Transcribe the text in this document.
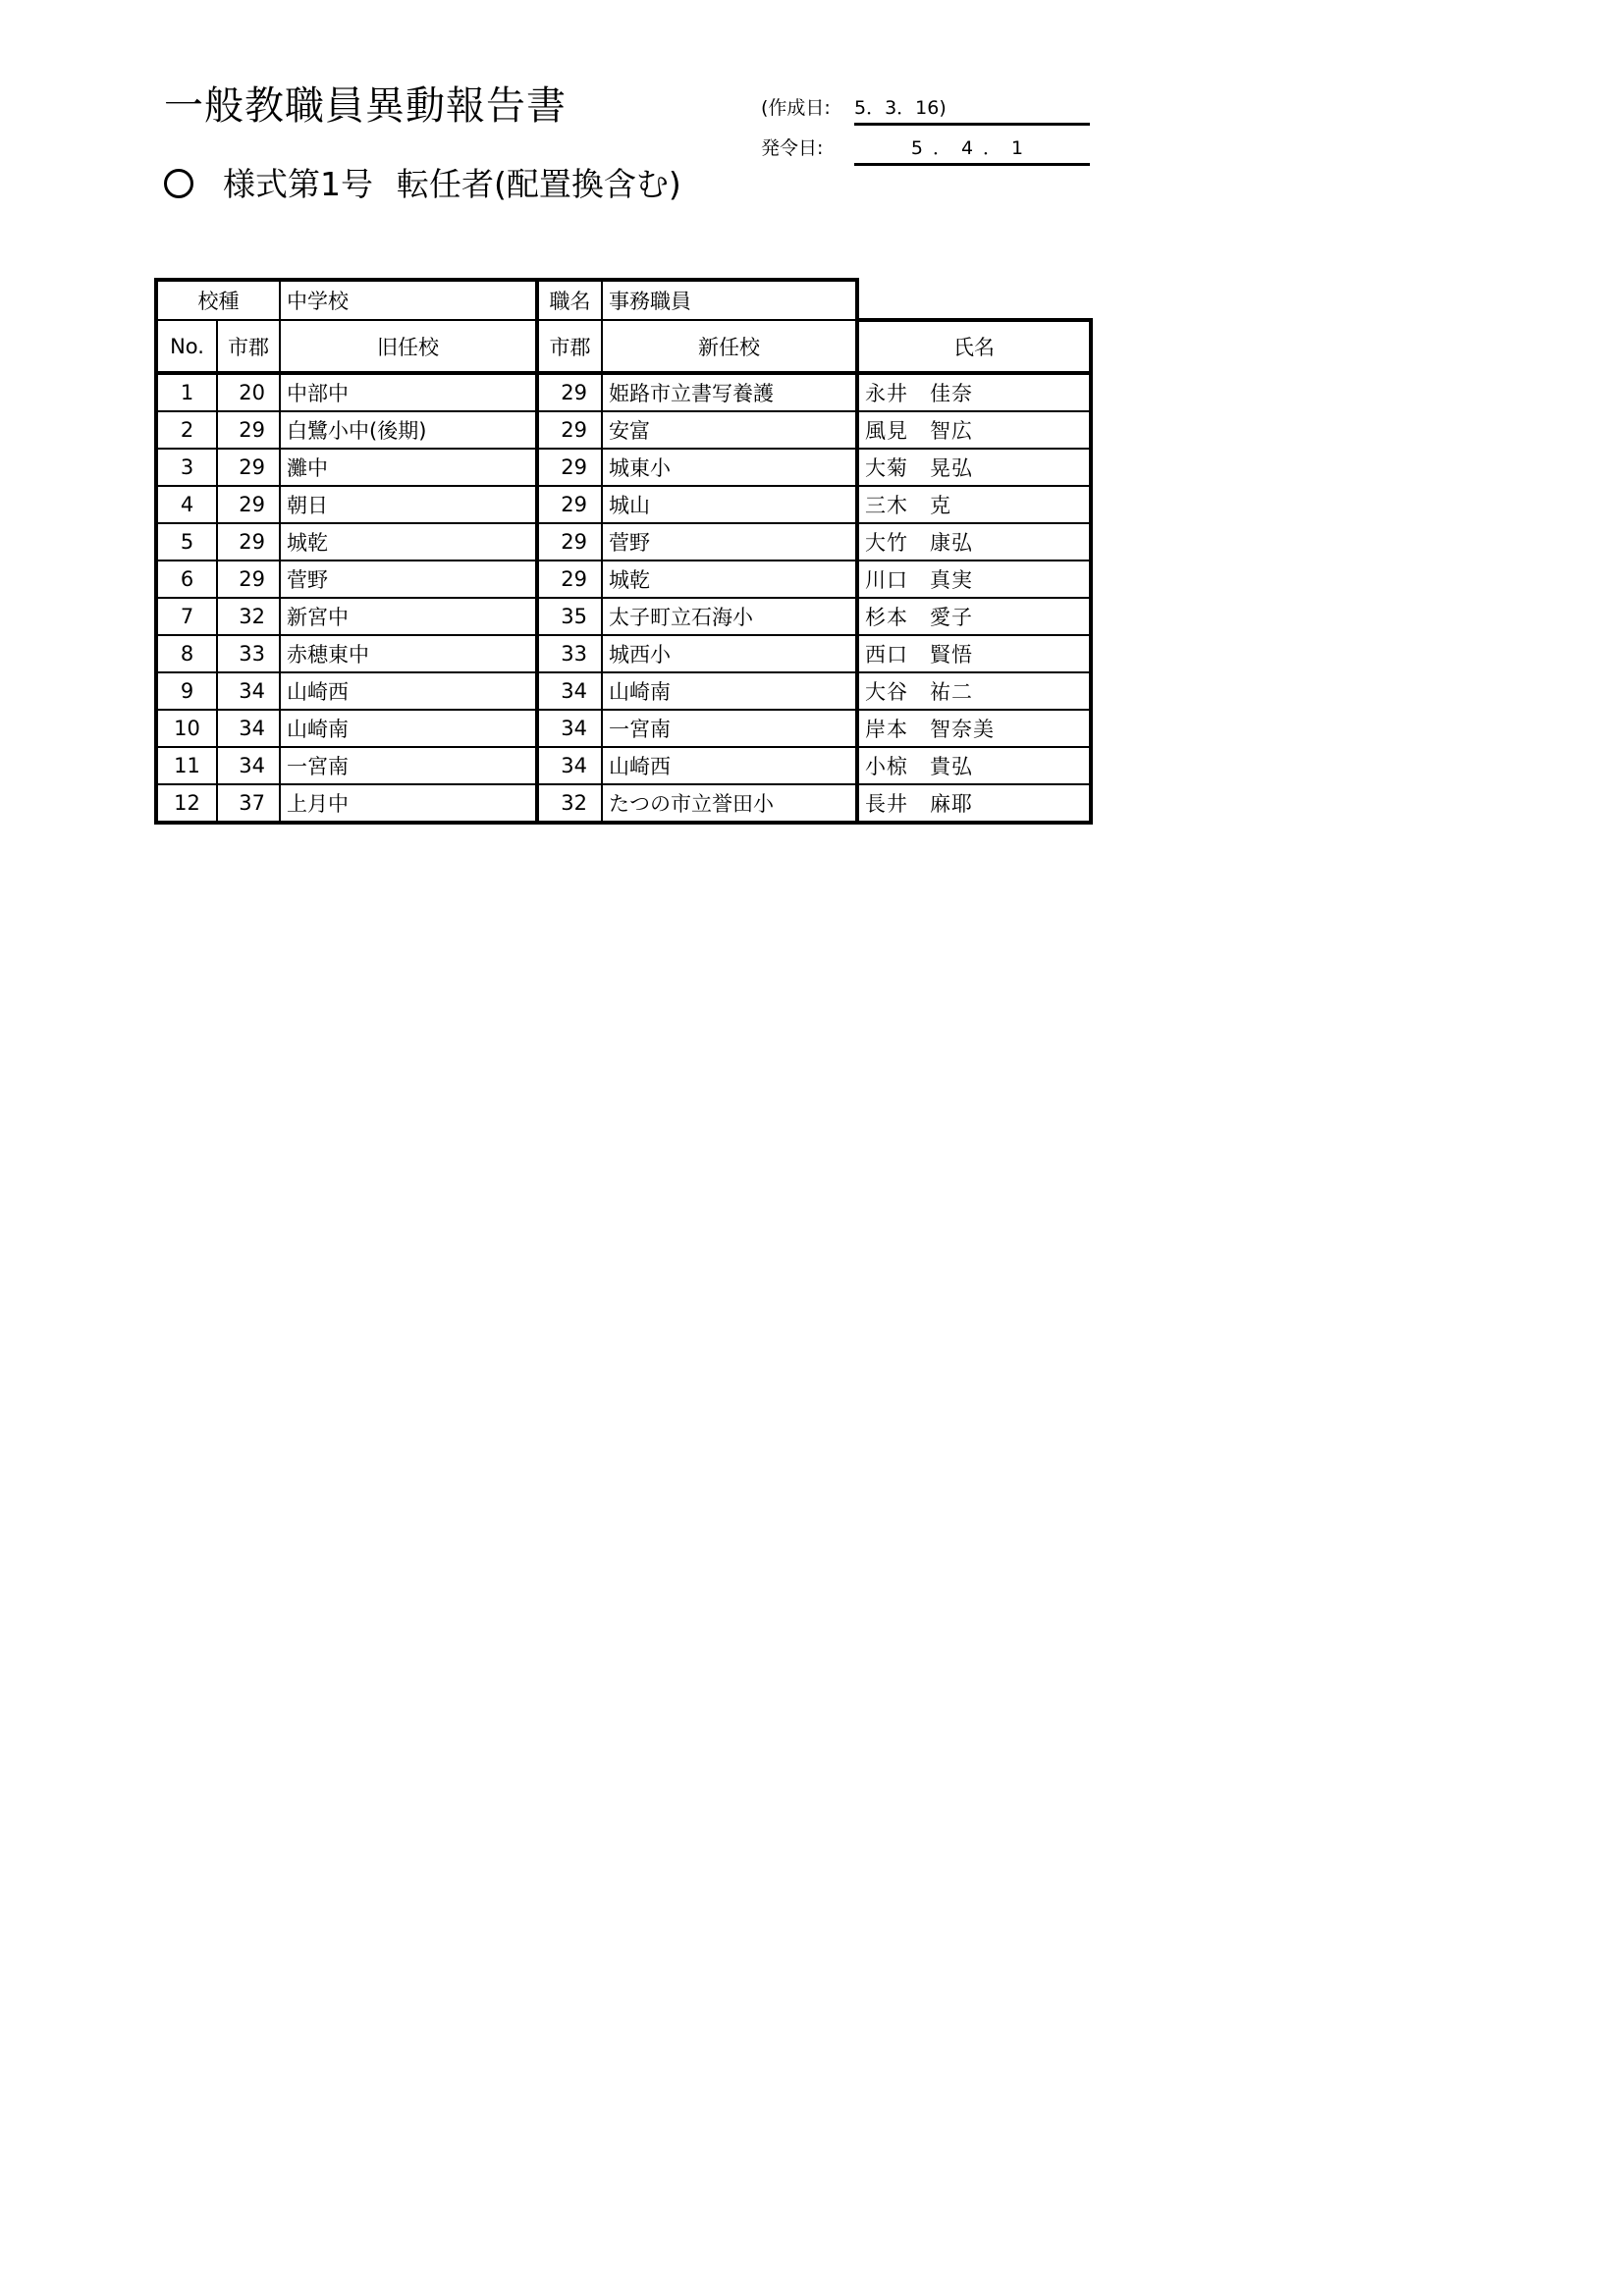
一般教職員異動報告書	(作成日: 5．3．16)
発令日:	5．4．1
様式第1号 転任者(配置換含む)
校種		中学校	職名	事務職員	
No.	市郡	旧任校	市郡	新任校	氏名
1	20	中部中	29	姫路市立書写養護	永井　佳奈
2	29	白鷺小中(後期)	29	安富	風見　智広
3	29	灘中	29	城東小	大菊　晃弘
4	29	朝日	29	城山	三木　克
5	29	城乾	29	菅野	大竹　康弘
6	29	菅野	29	城乾	川口　真実
7	32	新宮中	35	太子町立石海小	杉本　愛子
8	33	赤穂東中	33	城西小	西口　賢悟
9	34	山崎西	34	山崎南	大谷　祐二
10	34	山崎南	34	一宮南	岸本　智奈美
11	34	一宮南	34	山崎西	小椋　貴弘
12	37	上月中	32	たつの市立誉田小	長井　麻耶
